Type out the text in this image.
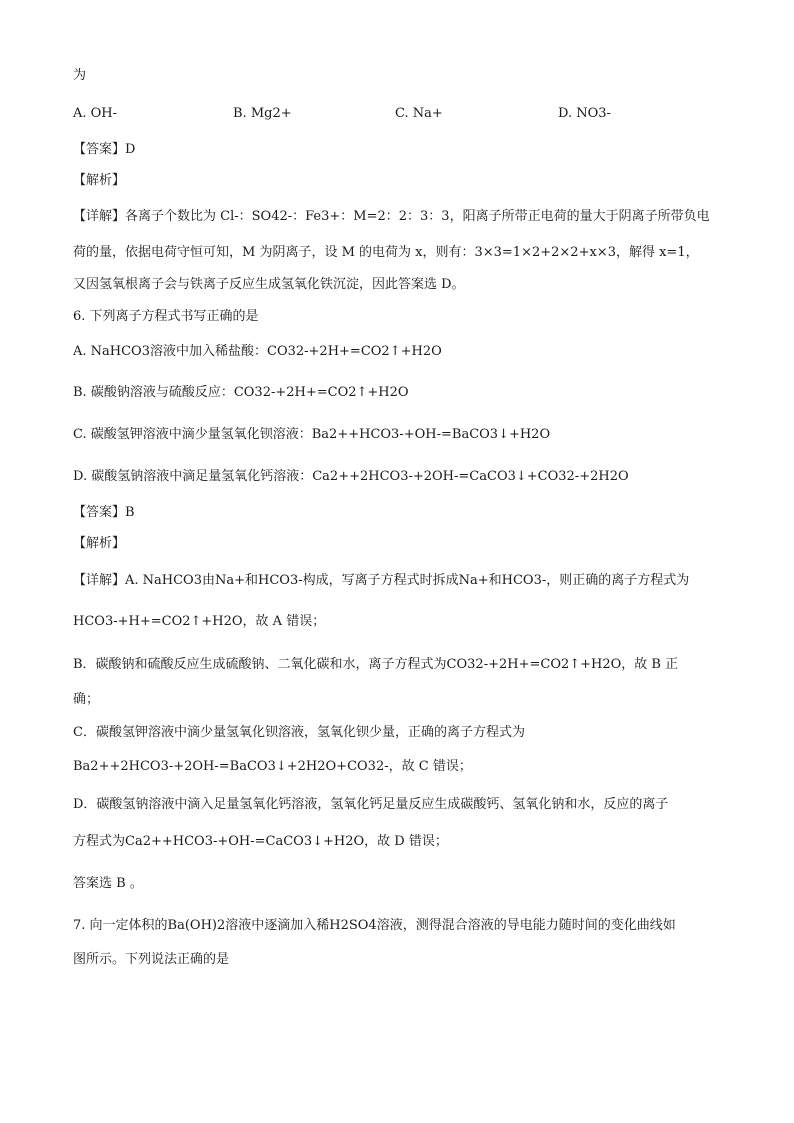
为
A. OH-	B. Mg2+	C. Na+	D. NO3-
【答案】D
【解析】
【详解】各离子个数比为 Cl-：SO42-：Fe3+：M=2：2：3：3，阳离子所带正电荷的量大于阴离子所带负电
荷的量，依据电荷守恒可知，M 为阴离子，设 M 的电荷为 x，则有：3×3=1×2+2×2+x×3，解得 x=1，
又因氢氧根离子会与铁离子反应生成氢氧化铁沉淀，因此答案选 D。
6. 下列离子方程式书写正确的是
A. NaHCO3溶液中加入稀盐酸：CO32-+2H+=CO2↑+H2O
B. 碳酸钠溶液与硫酸反应：CO32-+2H+=CO2↑+H2O
C. 碳酸氢钾溶液中滴少量氢氧化钡溶液：Ba2++HCO3-+OH-=BaCO3↓+H2O
D. 碳酸氢钠溶液中滴足量氢氧化钙溶液：Ca2++2HCO3-+2OH-=CaCO3↓+CO32-+2H2O
【答案】B
【解析】
【详解】A. NaHCO3由Na+和HCO3-构成，写离子方程式时拆成Na+和HCO3-，则正确的离子方程式为
HCO3-+H+=CO2↑+H2O，故 A 错误；
B．碳酸钠和硫酸反应生成硫酸钠、二氧化碳和水，离子方程式为CO32-+2H+=CO2↑+H2O，故 B 正
确；
C．碳酸氢钾溶液中滴少量氢氧化钡溶液，氢氧化钡少量，正确的离子方程式为
Ba2++2HCO3-+2OH-=BaCO3↓+2H2O+CO32-，故 C 错误；
D．碳酸氢钠溶液中滴入足量氢氧化钙溶液，氢氧化钙足量反应生成碳酸钙、氢氧化钠和水，反应的离子
方程式为Ca2++HCO3-+OH-=CaCO3↓+H2O，故 D 错误；
答案选 B 。
7. 向一定体积的Ba(OH)2溶液中逐滴加入稀H2SO4溶液，测得混合溶液的导电能力随时间的变化曲线如
图所示。下列说法正确的是
